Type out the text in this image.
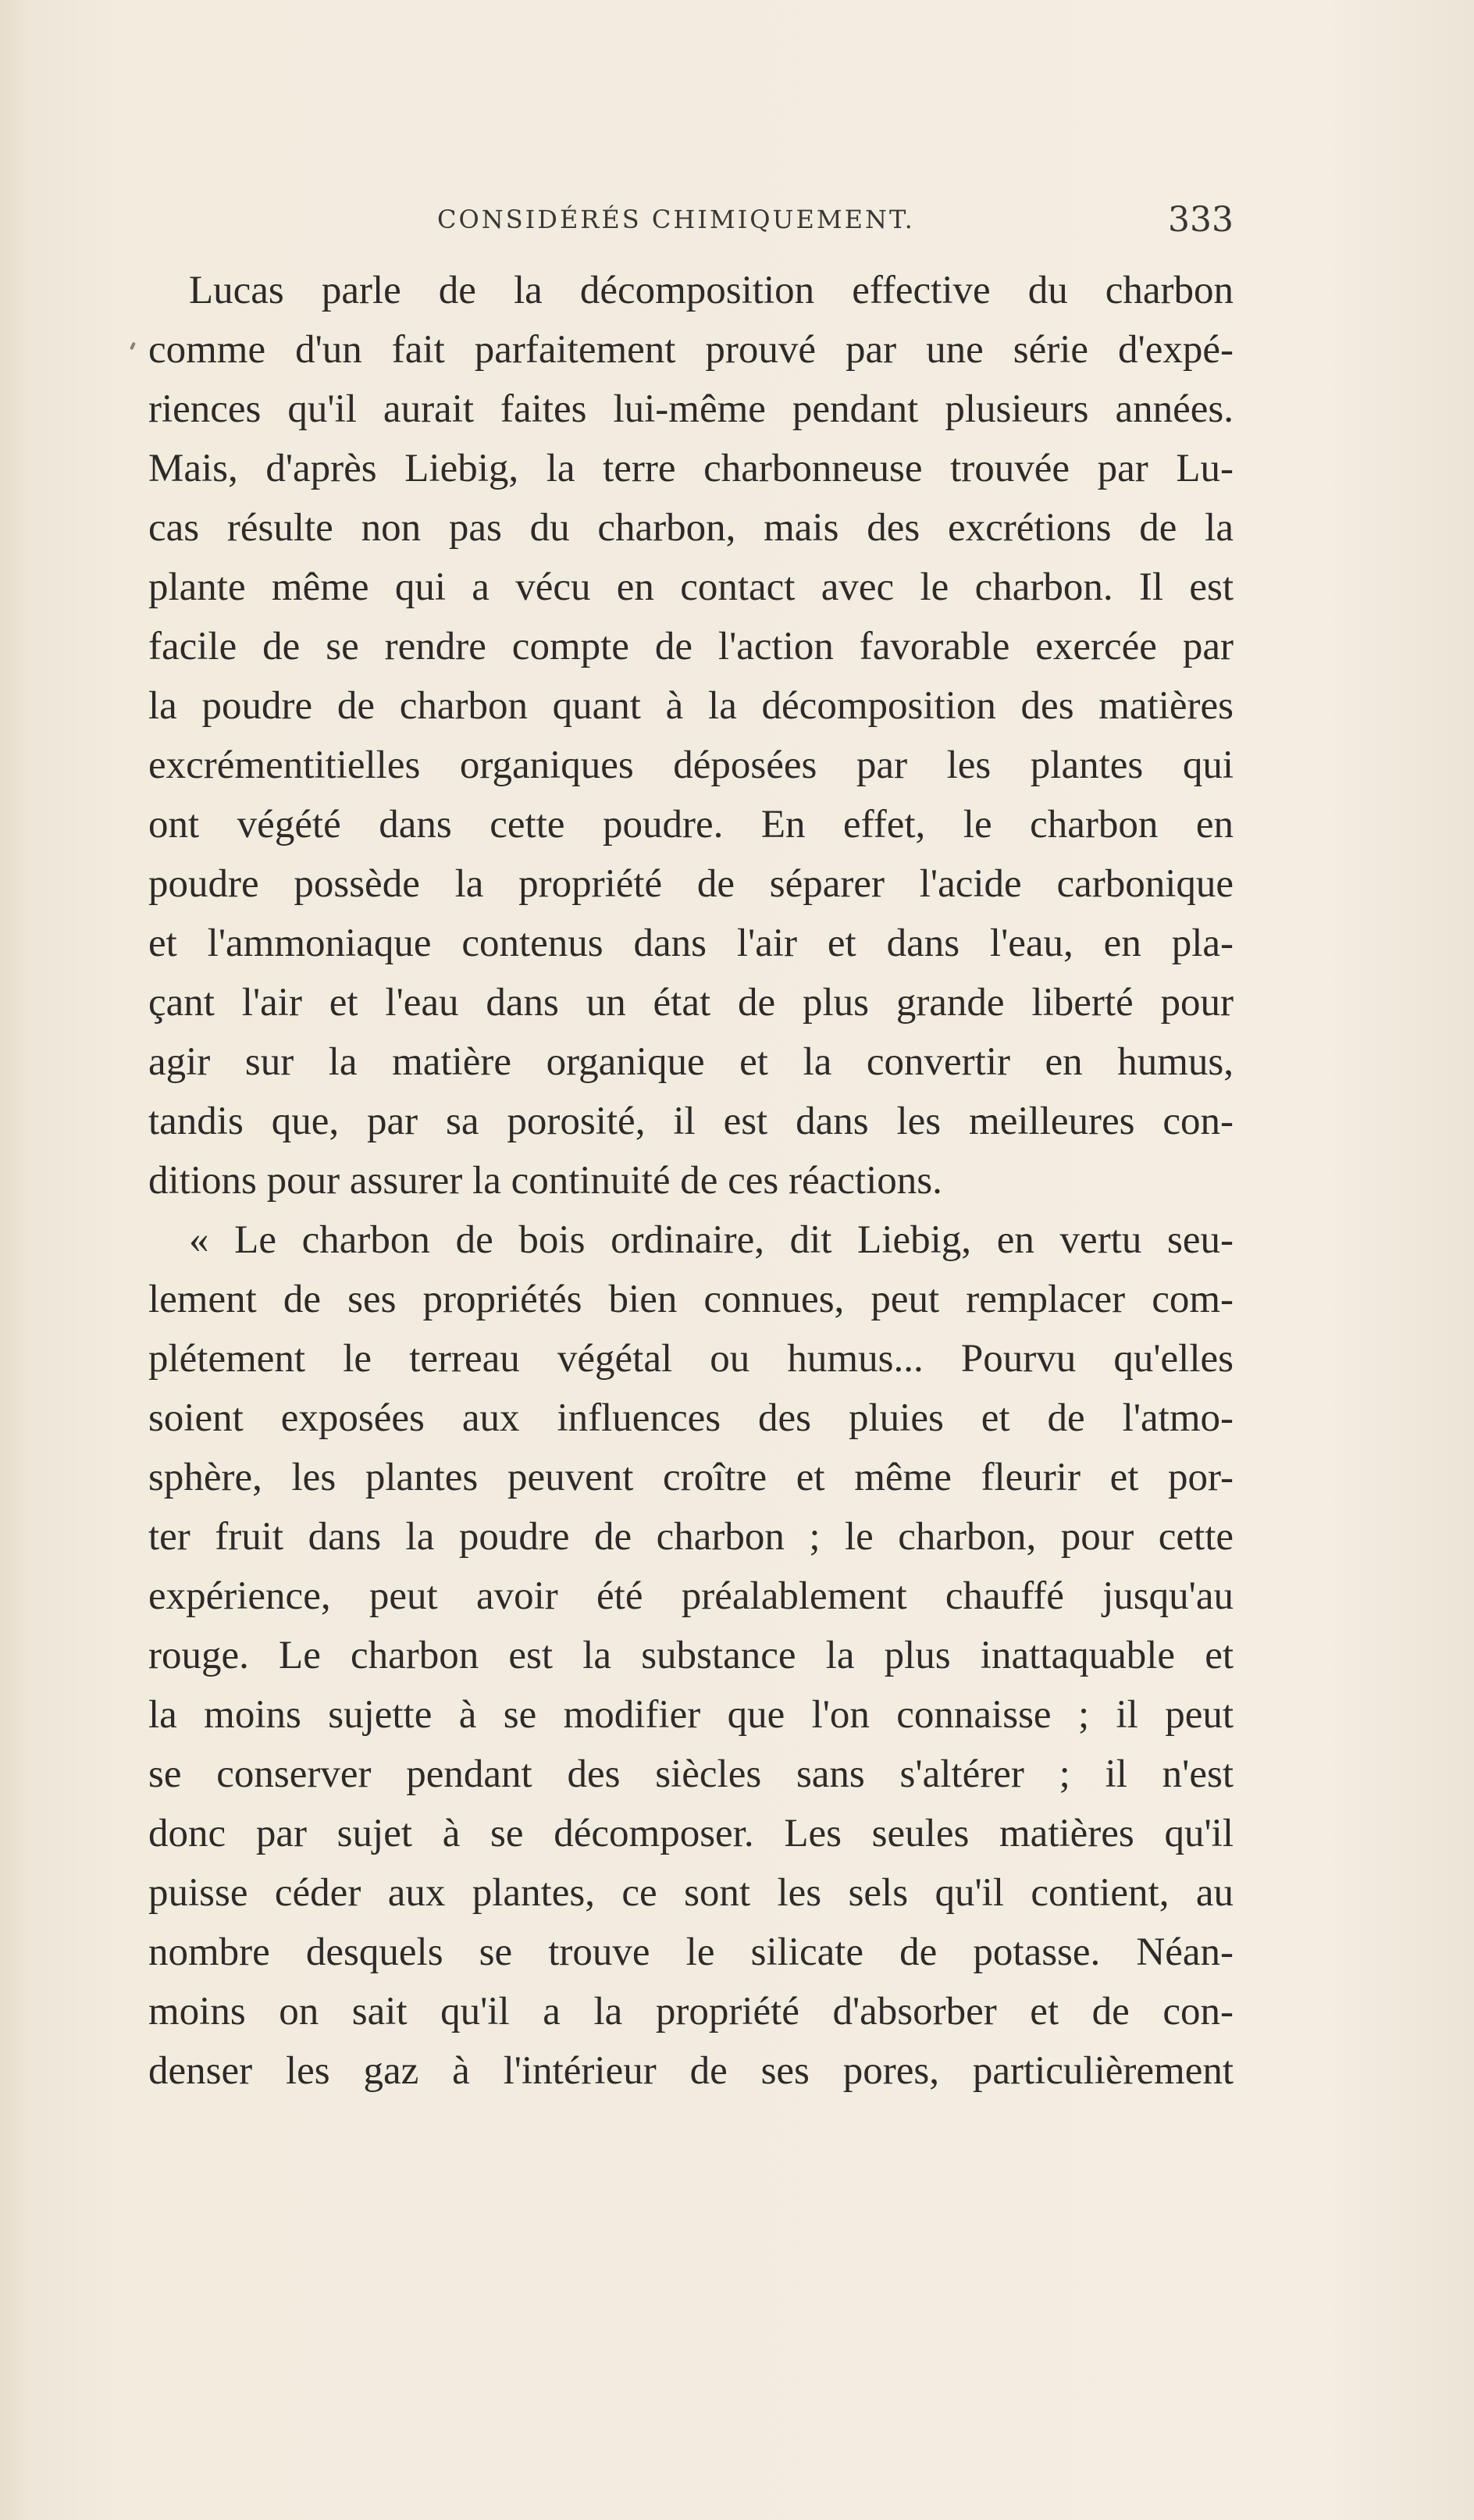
CONSIDÉRÉS CHIMIQUEMENT.	333
Lucas parle de la décomposition effective du charbon
comme d'un fait parfaitement prouvé par une série d'expé-
riences qu'il aurait faites lui-même pendant plusieurs années.
Mais, d'après Liebig, la terre charbonneuse trouvée par Lu-
cas résulte non pas du charbon, mais des excrétions de la
plante même qui a vécu en contact avec le charbon. Il est
facile de se rendre compte de l'action favorable exercée par
la poudre de charbon quant à la décomposition des matières
excrémentitielles organiques déposées par les plantes qui
ont végété dans cette poudre. En effet, le charbon en
poudre possède la propriété de séparer l'acide carbonique
et l'ammoniaque contenus dans l'air et dans l'eau, en pla-
çant l'air et l'eau dans un état de plus grande liberté pour
agir sur la matière organique et la convertir en humus,
tandis que, par sa porosité, il est dans les meilleures con-
ditions pour assurer la continuité de ces réactions.
« Le charbon de bois ordinaire, dit Liebig, en vertu seu-
lement de ses propriétés bien connues, peut remplacer com-
plétement le terreau végétal ou humus... Pourvu qu'elles
soient exposées aux influences des pluies et de l'atmo-
sphère, les plantes peuvent croître et même fleurir et por-
ter fruit dans la poudre de charbon ; le charbon, pour cette
expérience, peut avoir été préalablement chauffé jusqu'au
rouge. Le charbon est la substance la plus inattaquable et
la moins sujette à se modifier que l'on connaisse ; il peut
se conserver pendant des siècles sans s'altérer ; il n'est
donc par sujet à se décomposer. Les seules matières qu'il
puisse céder aux plantes, ce sont les sels qu'il contient, au
nombre desquels se trouve le silicate de potasse. Néan-
moins on sait qu'il a la propriété d'absorber et de con-
denser les gaz à l'intérieur de ses pores, particulièrement
